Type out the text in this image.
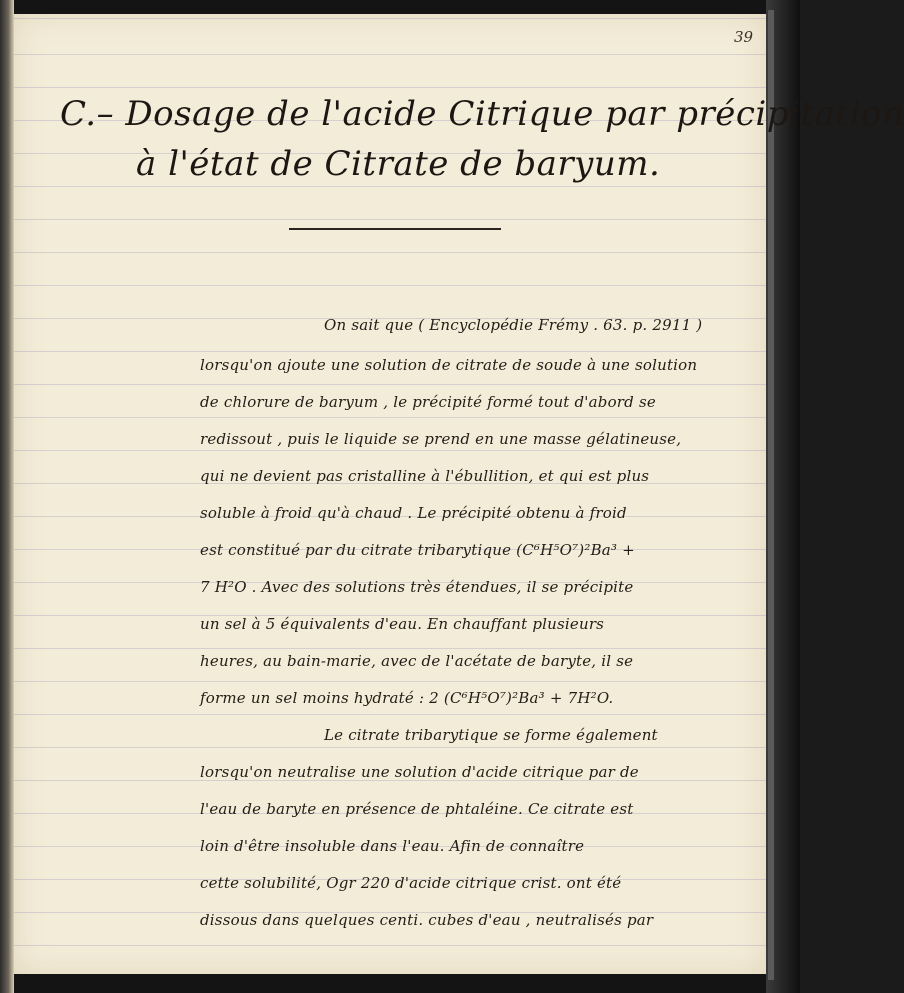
39
C.– Dosage de l'acide Citrique par précipitation
à l'état de Citrate de baryum.
On sait que ( Encyclopédie Frémy . 63. p. 2911 )
lorsqu'on ajoute une solution de citrate de soude à une solution
de chlorure de baryum , le précipité formé tout d'abord se
redissout , puis le liquide se prend en une masse gélatineuse,
qui ne devient pas cristalline à l'ébullition, et qui est plus
soluble à froid qu'à chaud . Le précipité obtenu à froid
est constitué par du citrate tribarytique (C⁶H⁵O⁷)²Ba³ +
7 H²O . Avec des solutions très étendues, il se précipite
un sel à 5 équivalents d'eau. En chauffant plusieurs
heures, au bain-marie, avec de l'acétate de baryte, il se
forme un sel moins hydraté : 2 (C⁶H⁵O⁷)²Ba³ + 7H²O.
Le citrate tribarytique se forme également
lorsqu'on neutralise une solution d'acide citrique par de
l'eau de baryte en présence de phtaléine. Ce citrate est
loin d'être insoluble dans l'eau. Afin de connaître
cette solubilité, Ogr 220 d'acide citrique crist. ont été
dissous dans quelques centi. cubes d'eau , neutralisés par
